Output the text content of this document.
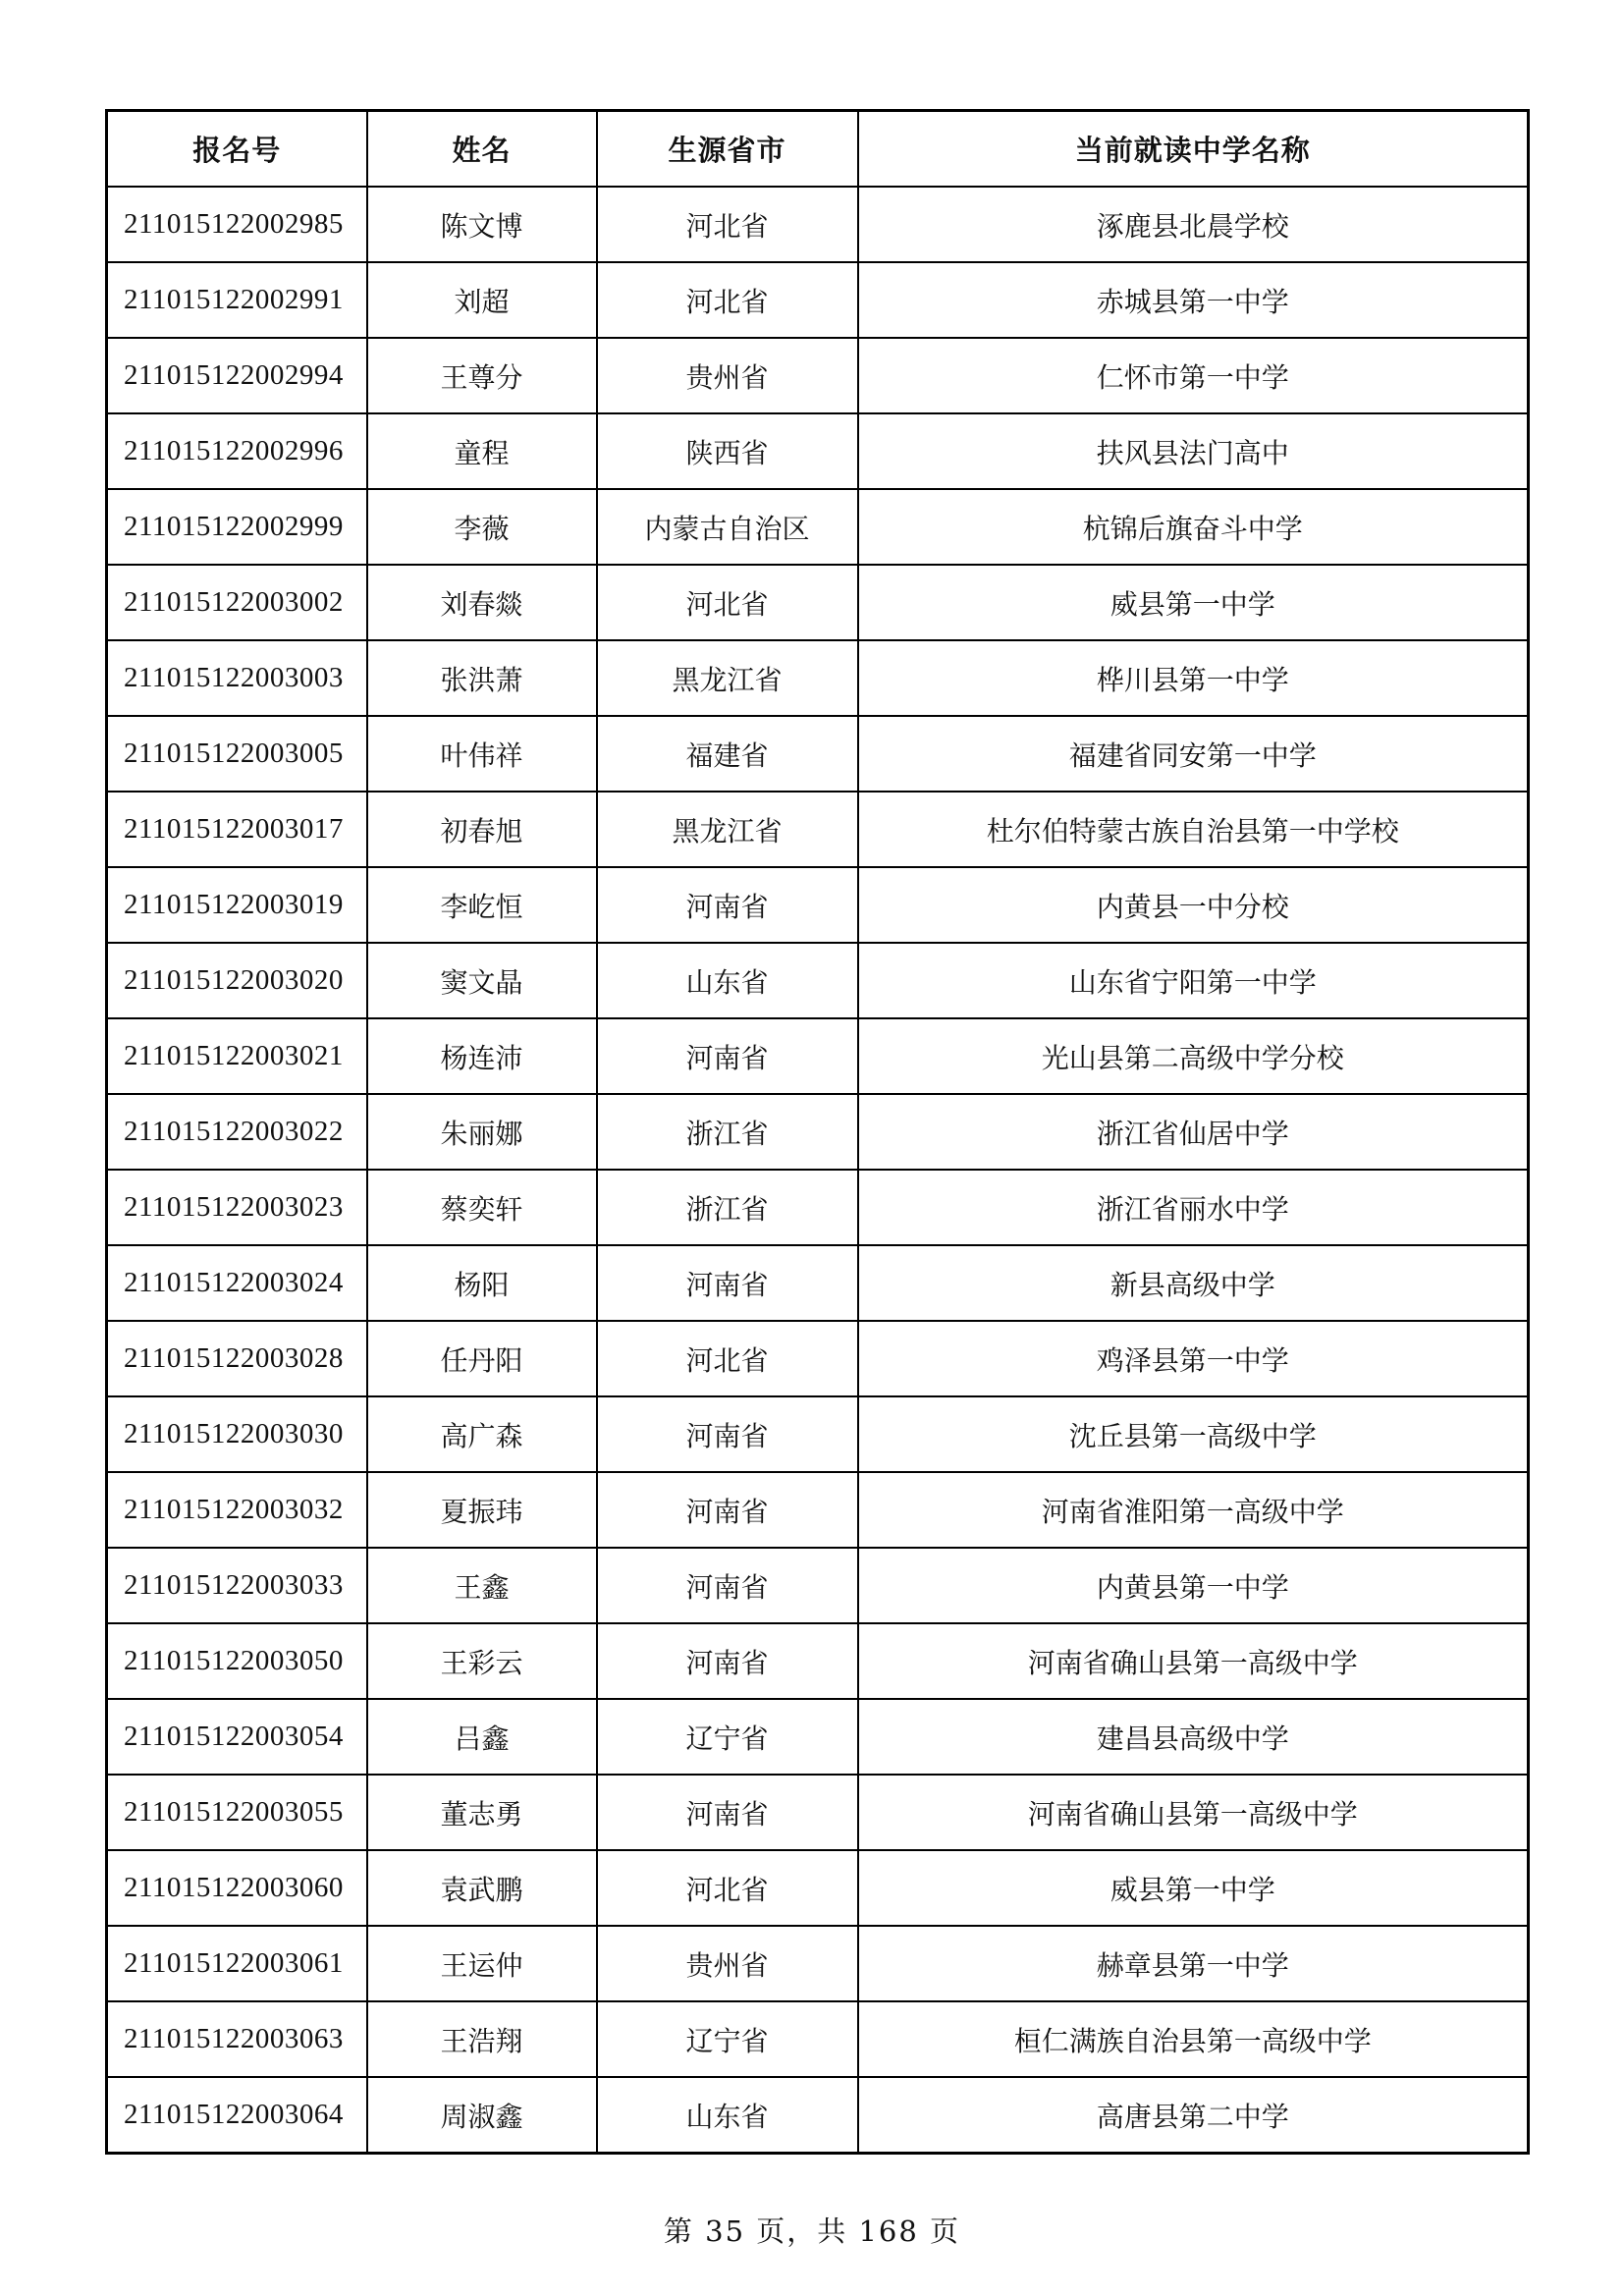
报名号	姓名	生源省市	当前就读中学名称
211015122002985	陈文博	河北省	涿鹿县北晨学校
211015122002991	刘超	河北省	赤城县第一中学
211015122002994	王尊分	贵州省	仁怀市第一中学
211015122002996	童程	陕西省	扶风县法门高中
211015122002999	李薇	内蒙古自治区	杭锦后旗奋斗中学
211015122003002	刘春燚	河北省	威县第一中学
211015122003003	张洪萧	黑龙江省	桦川县第一中学
211015122003005	叶伟祥	福建省	福建省同安第一中学
211015122003017	初春旭	黑龙江省	杜尔伯特蒙古族自治县第一中学校
211015122003019	李屹恒	河南省	内黄县一中分校
211015122003020	窦文晶	山东省	山东省宁阳第一中学
211015122003021	杨连沛	河南省	光山县第二高级中学分校
211015122003022	朱丽娜	浙江省	浙江省仙居中学
211015122003023	蔡奕轩	浙江省	浙江省丽水中学
211015122003024	杨阳	河南省	新县高级中学
211015122003028	任丹阳	河北省	鸡泽县第一中学
211015122003030	高广森	河南省	沈丘县第一高级中学
211015122003032	夏振玮	河南省	河南省淮阳第一高级中学
211015122003033	王鑫	河南省	内黄县第一中学
211015122003050	王彩云	河南省	河南省确山县第一高级中学
211015122003054	吕鑫	辽宁省	建昌县高级中学
211015122003055	董志勇	河南省	河南省确山县第一高级中学
211015122003060	袁武鹏	河北省	威县第一中学
211015122003061	王运仲	贵州省	赫章县第一中学
211015122003063	王浩翔	辽宁省	桓仁满族自治县第一高级中学
211015122003064	周淑鑫	山东省	高唐县第二中学
第 35 页，共 168 页
